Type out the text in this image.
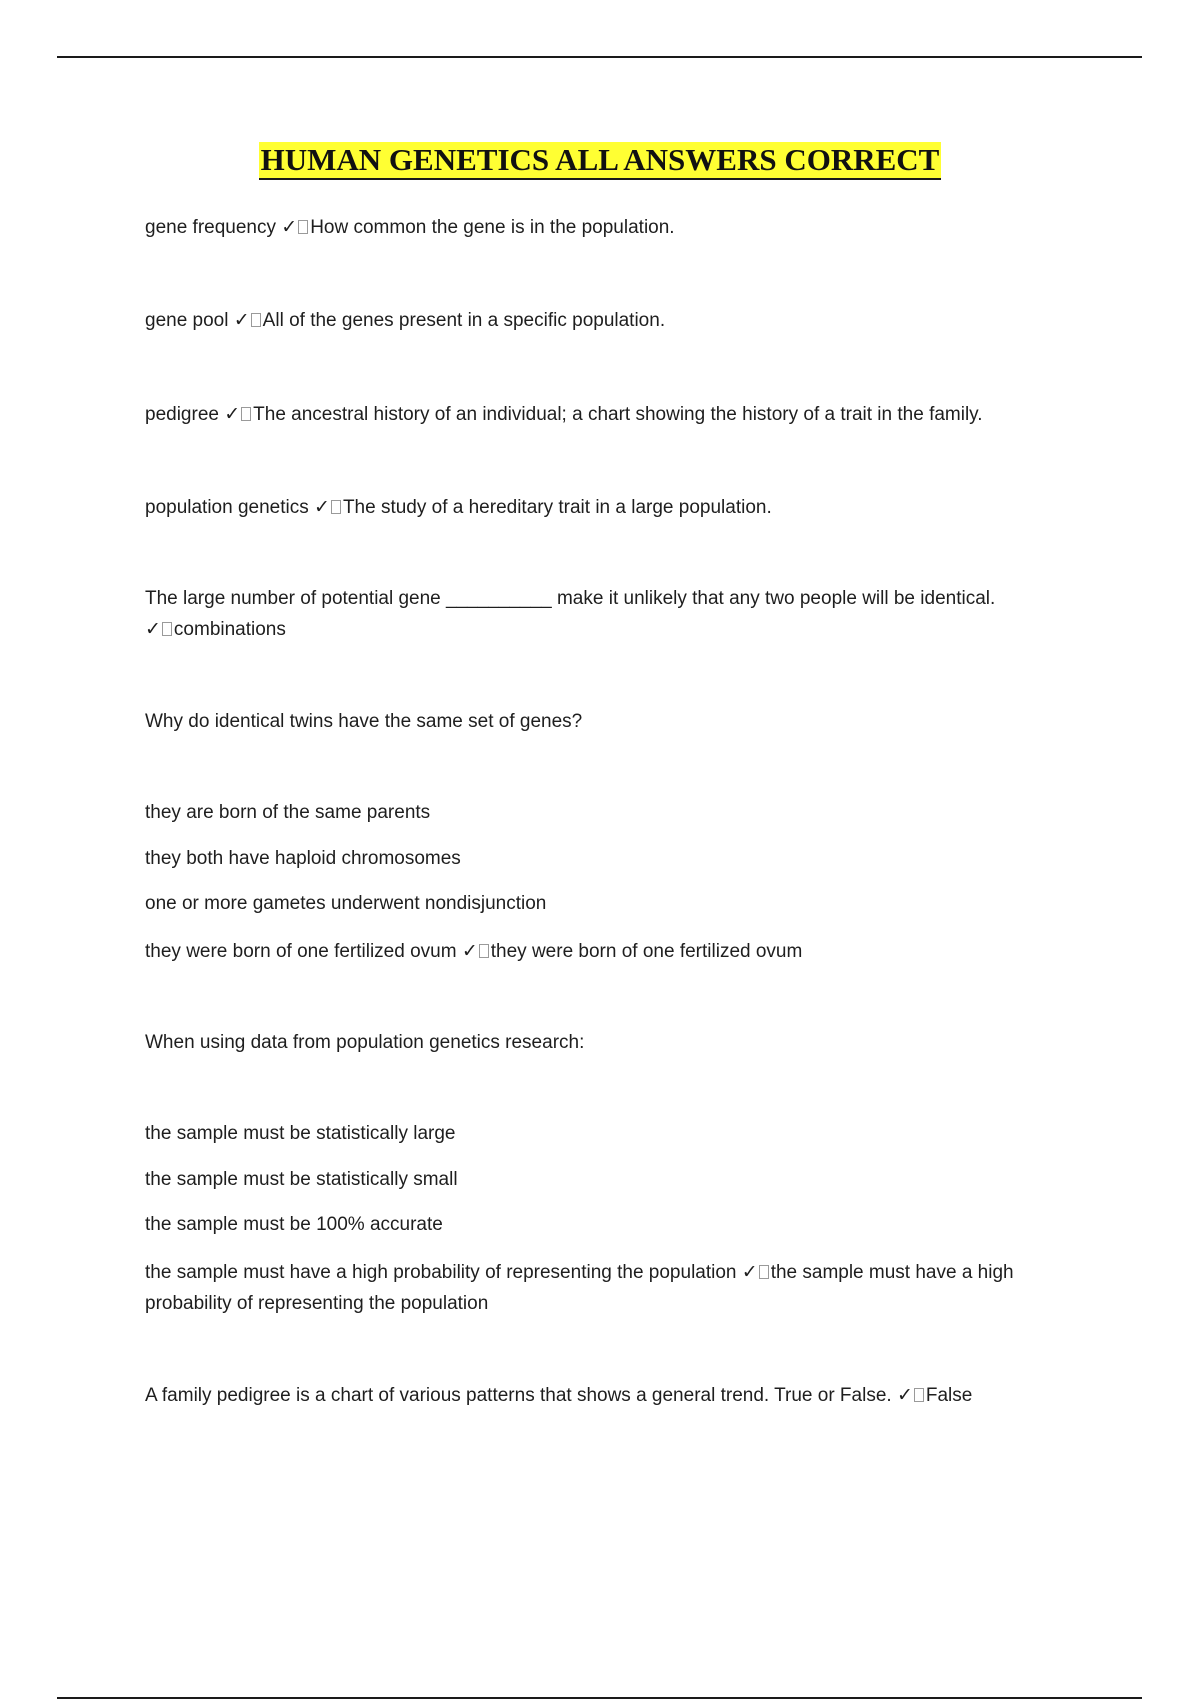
HUMAN GENETICS ALL ANSWERS CORRECT
gene frequency ✓ How common the gene is in the population.
gene pool ✓ All of the genes present in a specific population.
pedigree ✓ The ancestral history of an individual; a chart showing the history of a trait in the family.
population genetics ✓ The study of a hereditary trait in a large population.
The large number of potential gene __________ make it unlikely that any two people will be identical.
✓ combinations
Why do identical twins have the same set of genes?
they are born of the same parents
they both have haploid chromosomes
one or more gametes underwent nondisjunction
they were born of one fertilized ovum ✓ they were born of one fertilized ovum
When using data from population genetics research:
the sample must be statistically large
the sample must be statistically small
the sample must be 100% accurate
the sample must have a high probability of representing the population ✓ the sample must have a high probability of representing the population
A family pedigree is a chart of various patterns that shows a general trend. True or False. ✓ False
